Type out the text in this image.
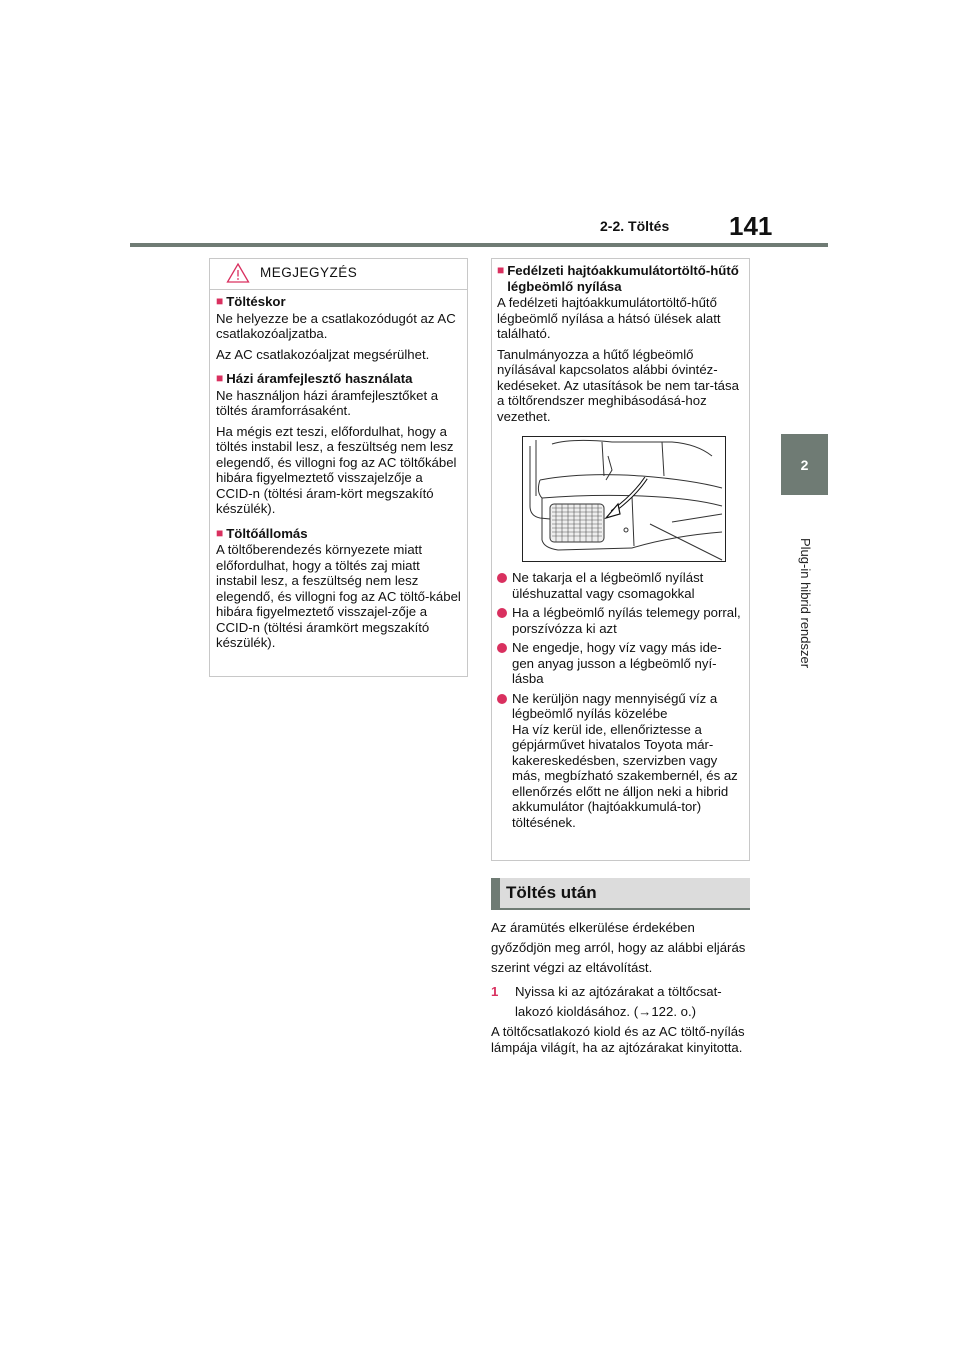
2-2. Töltés 141
2
Plug-in hibrid rendszer
MEGJEGYZÉS
■ Töltéskor

Ne helyezze be a csatlakozódugót az AC csatlakozóaljzatba.

Az AC csatlakozóaljzat megsérülhet.

■ Házi áramfejlesztő használata

Ne használjon házi áramfejlesztőket a töltés áramforrásaként.

Ha mégis ezt teszi, előfordulhat, hogy a töltés instabil lesz, a feszültség nem lesz elegendő, és villogni fog az AC töltőkábel hibára figyelmeztető visszajelzője a CCID-n (töltési áram-kört megszakító készülék).

■ Töltőállomás

A töltőberendezés környezete miatt előfordulhat, hogy a töltés zaj miatt instabil lesz, a feszültség nem lesz elegendő, és villogni fog az AC töltő-kábel hibára figyelmeztető visszajel-zője a CCID-n (töltési áramkört megszakító készülék).

■ Fedélzeti hajtóakkumulátortöltő-hűtő légbeömlő nyílása

A fedélzeti hajtóakkumulátortöltő-hűtő légbeömlő nyílása a hátsó ülések alatt található.

Tanulmányozza a hűtő légbeömlő nyílásával kapcsolatos alábbi óvintéz-kedéseket. Az utasítások be nem tar-tása a töltőrendszer meghibásodásá-hoz vezethet.

Ne takarja el a légbeömlő nyílást üléshuzattal vagy csomagokkal
Ha a légbeömlő nyílás telemegy porral, porszívózza ki azt
Ne engedje, hogy víz vagy más ide-gen anyag jusson a légbeömlő nyí-lásba
Ne kerüljön nagy mennyiségű víz a légbeömlő nyílás közelébe
Ha víz kerül ide, ellenőriztesse a gépjárművet hivatalos Toyota már-kakereskedésben, szervizben vagy más, megbízható szakembernél, és az ellenőrzés előtt ne álljon neki a hibrid akkumulátor (hajtóakkumulá-tor) töltésének.
Töltés után

Az áramütés elkerülése érdekében győződjön meg arról, hogy az alábbi eljárás szerint végzi az eltávolítást.

1	Nyissa ki az ajtózárakat a töltőcsat-lakozó kioldásához. (→122. o.)

A töltőcsatlakozó kiold és az AC töltő-nyílás lámpája világít, ha az ajtózárakat kinyitotta.
